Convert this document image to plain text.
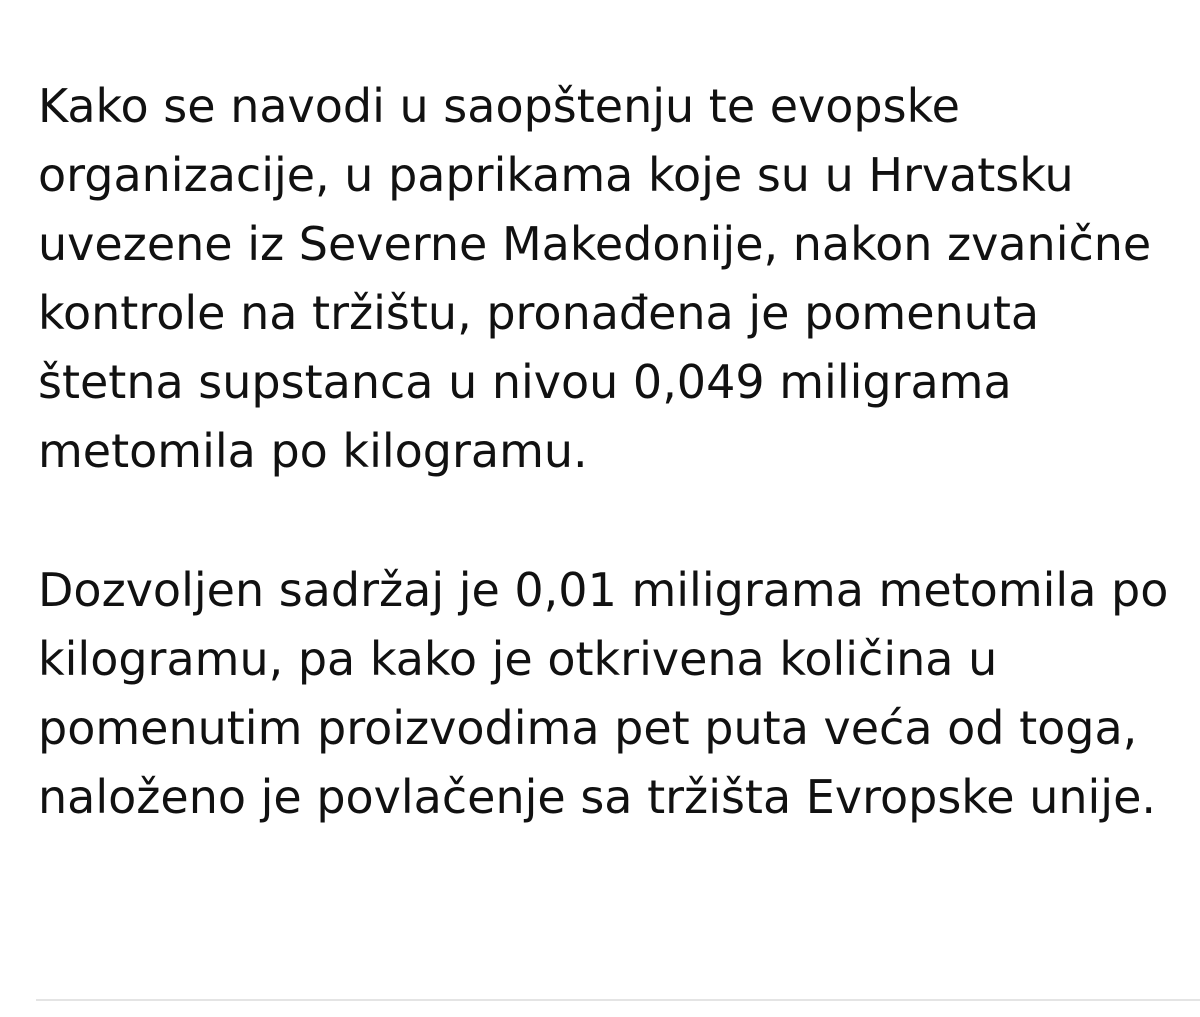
Kako se navodi u saopštenju te evopske
organizacije, u paprikama koje su u Hrvatsku
uvezene iz Severne Makedonije, nakon zvanične
kontrole na tržištu, pronađena je pomenuta
štetna supstanca u nivou 0,049 miligrama
metomila po kilogramu.

Dozvoljen sadržaj je 0,01 miligrama metomila po
kilogramu, pa kako je otkrivena količina u
pomenutim proizvodima pet puta veća od toga,
naloženo je povlačenje sa tržišta Evropske unije.
